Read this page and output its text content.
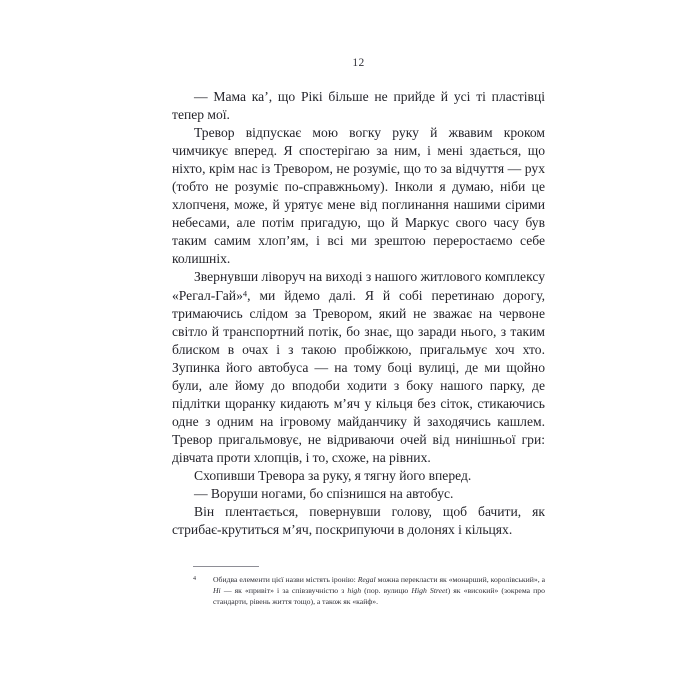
12

— Мама ка’, що Рікі більше не прийде й усі ті пластівці тепер мої.

Тревор відпускає мою вогку руку й жвавим кроком чимчикує вперед. Я спостерігаю за ним, і мені здається, що ніхто, крім нас із Тревором, не розуміє, що то за відчуття — рух (тобто не розуміє по-справжньому). Інколи я думаю, ніби це хлопченя, може, й урятує мене від поглинання нашими сірими небесами, але потім пригадую, що й Маркус свого часу був таким самим хлоп’ям, і всі ми зрештою переростаємо себе колишніх.

Звернувши ліворуч на виході з нашого житлового комплексу «Регал-Гай»$^4$, ми йдемо далі. Я й собі перетинаю дорогу, тримаючись слідом за Тревором, який не зважає на червоне світло й транспортний потік, бо знає, що заради нього, з таким блиском в очах і з такою пробіжкою, пригальмує хоч хто. Зупинка його автобуса — на тому боці вулиці, де ми щойно були, але йому до вподоби ходити з боку нашого парку, де підлітки щоранку кидають м’яч у кільця без сіток, стикаючись одне з одним на ігровому майданчику й заходячись кашлем. Тревор пригальмовує, не відриваючи очей від нинішньої гри: дівчата проти хлопців, і то, схоже, на рівних.

Схопивши Тревора за руку, я тягну його вперед.

— Воруши ногами, бо спізнишся на автобус.

Він плентається, повернувши голову, щоб бачити, як стрибає-крутиться м’яч, поскрипуючи в долонях і кільцях.

4 Обидва елементи цієї назви містять іронію: Regal можна перекласти як «монарший, королівський», а Hi — як «привіт» і за співзвучністю з high (пор. вулицю High Street) як «високий» (зокрема про стандарти, рівень життя тощо), а також як «кайф».
